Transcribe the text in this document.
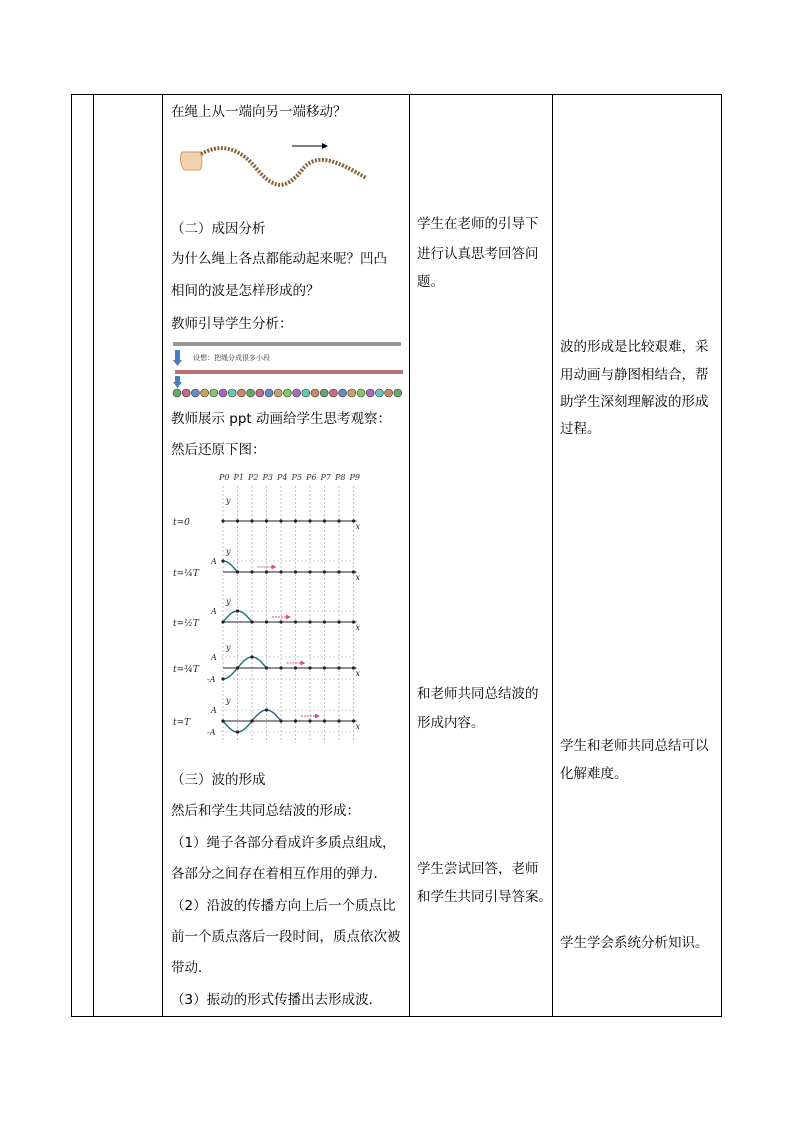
在绳上从一端向另一端移动？
（二）成因分析
为什么绳上各点都能动起来呢？凹凸
相间的波是怎样形成的？
教师引导学生分析：
设想：把绳分成很多小段
教师展示 ppt 动画给学生思考观察：
然后还原下图：
P0 P1 P2 P3 P4 P5 P6 P7 P8 P9
t=0
y
x
t=¼T
y
x
A
t=½T
y
x
A
t=¾T
y
x
A
-A
t=T
y
x
A
-A
（三）波的形成
然后和学生共同总结波的形成：
（1）绳子各部分看成许多质点组成，
各部分之间存在着相互作用的弹力．
（2）沿波的传播方向上后一个质点比
前一个质点落后一段时间，质点依次被
带动．
（3）振动的形式传播出去形成波．
学生在老师的引导下
进行认真思考回答问
题。
和老师共同总结波的
形成内容。
学生尝试回答，老师
和学生共同引导答案。
波的形成是比较艰难，采
用动画与静图相结合，帮
助学生深刻理解波的形成
过程。
学生和老师共同总结可以
化解难度。
学生学会系统分析知识。
